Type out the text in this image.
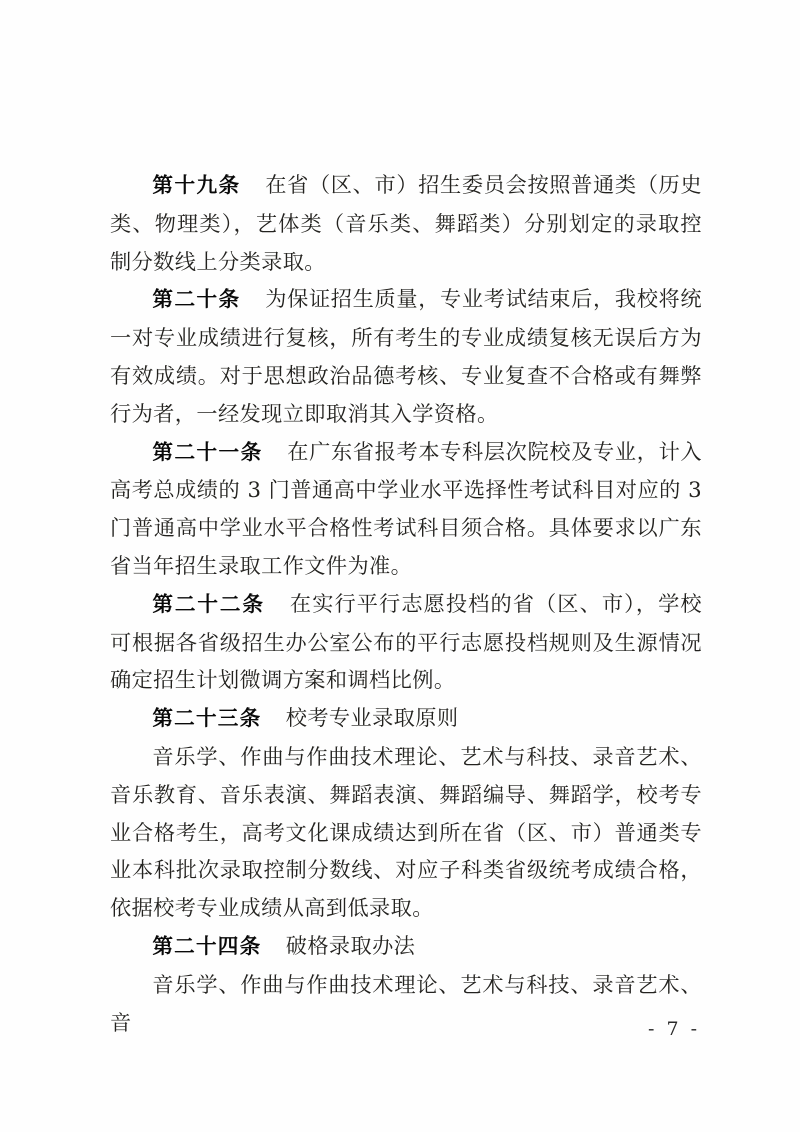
第十九条 在省（区、市）招生委员会按照普通类（历史类、物理类），艺体类（音乐类、舞蹈类）分别划定的录取控制分数线上分类录取。

第二十条 为保证招生质量，专业考试结束后，我校将统一对专业成绩进行复核，所有考生的专业成绩复核无误后方为有效成绩。对于思想政治品德考核、专业复查不合格或有舞弊行为者，一经发现立即取消其入学资格。

第二十一条 在广东省报考本专科层次院校及专业，计入高考总成绩的 3 门普通高中学业水平选择性考试科目对应的 3 门普通高中学业水平合格性考试科目须合格。具体要求以广东省当年招生录取工作文件为准。

第二十二条 在实行平行志愿投档的省（区、市），学校可根据各省级招生办公室公布的平行志愿投档规则及生源情况确定招生计划微调方案和调档比例。

第二十三条 校考专业录取原则

音乐学、作曲与作曲技术理论、艺术与科技、录音艺术、音乐教育、音乐表演、舞蹈表演、舞蹈编导、舞蹈学，校考专业合格考生，高考文化课成绩达到所在省（区、市）普通类专业本科批次录取控制分数线、对应子科类省级统考成绩合格，依据校考专业成绩从高到低录取。

第二十四条 破格录取办法

音乐学、作曲与作曲技术理论、艺术与科技、录音艺术、音	- 7 -
